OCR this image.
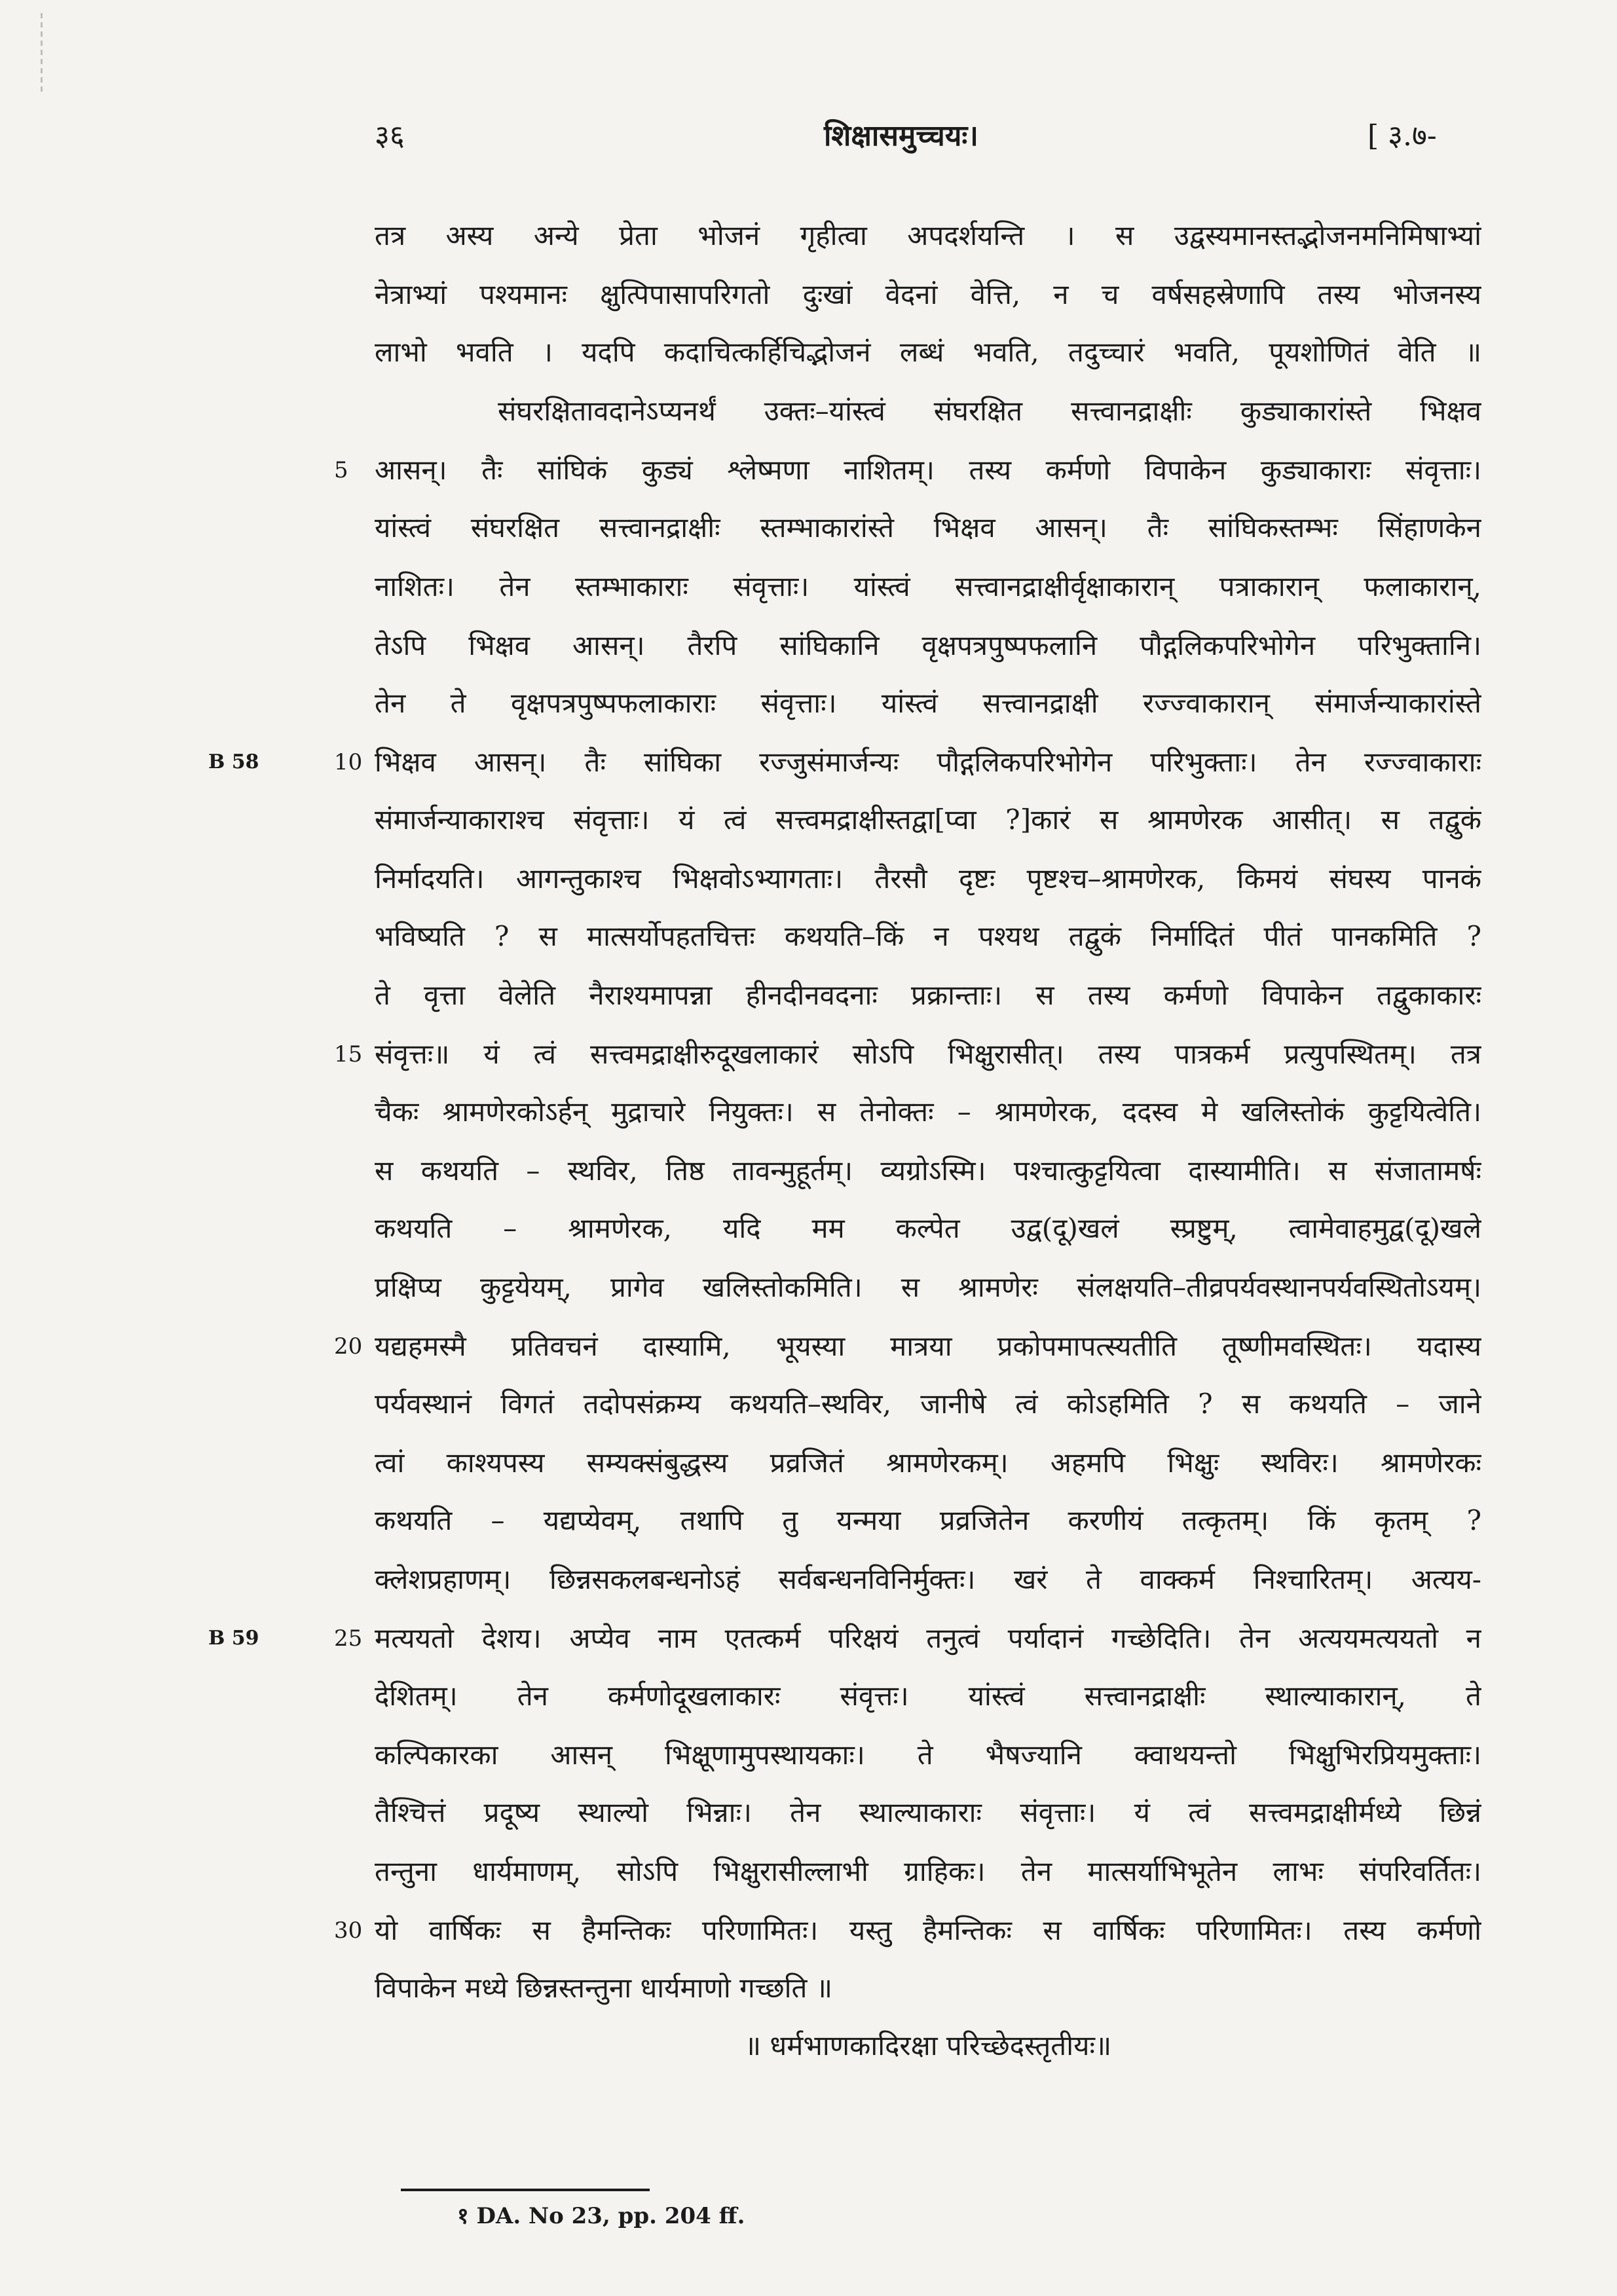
३६	शिक्षासमुच्चयः।	[ ३.७-
तत्र अस्य अन्ये प्रेता भोजनं गृहीत्वा अपदर्शयन्ति । स उद्वस्यमानस्तद्भोजनमनिमिषाभ्यां
नेत्राभ्यां पश्यमानः क्षुत्पिपासापरिगतो दुःखां वेदनां वेत्ति, न च वर्षसहस्रेणापि तस्य भोजनस्य
लाभो भवति । यदपि कदाचित्कर्हिचिद्भोजनं लब्धं भवति, तदुच्चारं भवति, पूयशोणितं वेति ॥
संघरक्षितावदानेऽप्यनर्थं उक्तः–यांस्त्वं संघरक्षित सत्त्वानद्राक्षीः कुड्याकारांस्ते भिक्षव
आसन्। तैः सांघिकं कुड्यं श्लेष्मणा नाशितम्। तस्य कर्मणो विपाकेन कुड्याकाराः संवृत्ताः।
यांस्त्वं संघरक्षित सत्त्वानद्राक्षीः स्तम्भाकारांस्ते भिक्षव आसन्। तैः सांघिकस्तम्भः सिंहाणकेन
नाशितः। तेन स्तम्भाकाराः संवृत्ताः। यांस्त्वं सत्त्वानद्राक्षीर्वृक्षाकारान् पत्राकारान् फलाकारान्,
तेऽपि भिक्षव आसन्। तैरपि सांघिकानि वृक्षपत्रपुष्पफलानि पौद्गलिकपरिभोगेन परिभुक्तानि।
तेन ते वृक्षपत्रपुष्पफलाकाराः संवृत्ताः। यांस्त्वं सत्त्वानद्राक्षी रज्ज्वाकारान् संमार्जन्याकारांस्ते
भिक्षव आसन्। तैः सांघिका रज्जुसंमार्जन्यः पौद्गलिकपरिभोगेन परिभुक्ताः। तेन रज्ज्वाकाराः
संमार्जन्याकाराश्च संवृत्ताः। यं त्वं सत्त्वमद्राक्षीस्तद्वा[प्वा ?]कारं स श्रामणेरक आसीत्। स तद्वुकं
निर्मादयति। आगन्तुकाश्च भिक्षवोऽभ्यागताः। तैरसौ दृष्टः पृष्टश्च–श्रामणेरक, किमयं संघस्य पानकं
भविष्यति ? स मात्सर्योपहतचित्तः कथयति–किं न पश्यथ तद्वुकं निर्मादितं पीतं पानकमिति ?
ते वृत्ता वेलेति नैराश्यमापन्ना हीनदीनवदनाः प्रक्रान्ताः। स तस्य कर्मणो विपाकेन तद्वुकाकारः
संवृत्तः॥ यं त्वं सत्त्वमद्राक्षीरुदूखलाकारं सोऽपि भिक्षुरासीत्। तस्य पात्रकर्म प्रत्युपस्थितम्। तत्र
चैकः श्रामणेरकोऽर्हन् मुद्राचारे नियुक्तः। स तेनोक्तः – श्रामणेरक, ददस्व मे खलिस्तोकं कुट्टयित्वेति।
स कथयति – स्थविर, तिष्ठ तावन्मुहूर्तम्। व्यग्रोऽस्मि। पश्चात्कुट्टयित्वा दास्यामीति। स संजातामर्षः
कथयति – श्रामणेरक, यदि मम कल्पेत उद्व(दू)खलं स्प्रष्टुम्, त्वामेवाहमुद्व(दू)खले
प्रक्षिप्य कुट्टयेयम्, प्रागेव खलिस्तोकमिति। स श्रामणेरः संलक्षयति–तीव्रपर्यवस्थानपर्यवस्थितोऽयम्।
यद्यहमस्मै प्रतिवचनं दास्यामि, भूयस्या मात्रया प्रकोपमापत्स्यतीति तूष्णीमवस्थितः। यदास्य
पर्यवस्थानं विगतं तदोपसंक्रम्य कथयति–स्थविर, जानीषे त्वं कोऽहमिति ? स कथयति – जाने
त्वां काश्यपस्य सम्यक्संबुद्धस्य प्रव्रजितं श्रामणेरकम्। अहमपि भिक्षुः स्थविरः। श्रामणेरकः
कथयति – यद्यप्येवम्, तथापि तु यन्मया प्रव्रजितेन करणीयं तत्कृतम्। किं कृतम् ?
क्लेशप्रहाणम्। छिन्नसकलबन्धनोऽहं सर्वबन्धनविनिर्मुक्तः। खरं ते वाक्कर्म निश्चारितम्। अत्यय-
मत्ययतो देशय। अप्येव नाम एतत्कर्म परिक्षयं तनुत्वं पर्यादानं गच्छेदिति। तेन अत्ययमत्ययतो न
देशितम्। तेन कर्मणोदूखलाकारः संवृत्तः। यांस्त्वं सत्त्वानद्राक्षीः स्थाल्याकारान्, ते
कल्पिकारका आसन् भिक्षूणामुपस्थायकाः। ते भैषज्यानि क्वाथयन्तो भिक्षुभिरप्रियमुक्ताः।
तैश्चित्तं प्रदूष्य स्थाल्यो भिन्नाः। तेन स्थाल्याकाराः संवृत्ताः। यं त्वं सत्त्वमद्राक्षीर्मध्ये छिन्नं
तन्तुना धार्यमाणम्, सोऽपि भिक्षुरासील्लाभी ग्राहिकः। तेन मात्सर्याभिभूतेन लाभः संपरिवर्तितः।
यो वार्षिकः स हैमन्तिकः परिणामितः। यस्तु हैमन्तिकः स वार्षिकः परिणामितः। तस्य कर्मणो
विपाकेन मध्ये छिन्नस्तन्तुना धार्यमाणो गच्छति ॥
॥ धर्मभाणकादिरक्षा परिच्छेदस्तृतीयः॥
5
10
15
20
25
30
B 58
B 59
१ DA. No 23, pp. 204 ff.
